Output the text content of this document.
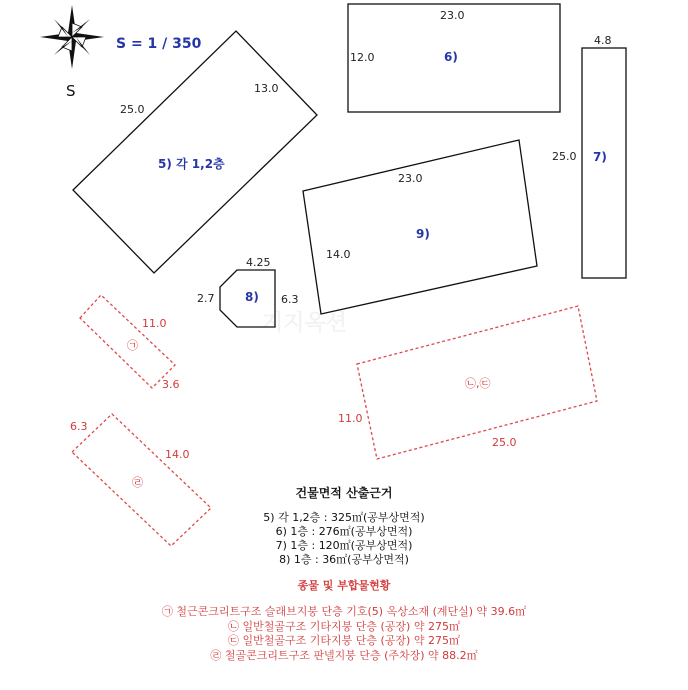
S
S = 1 / 350
5) 각 1,2층
25.0
13.0
6)
23.0
12.0
7)
4.8
25.0
9)
23.0
14.0
8)
4.25
2.7	6.3
지지옥션
㉠
11.0
3.6	㉡,㉢
11.0
25.0
㉣
6.3
14.0
건물면적 산출근거
5) 각 1,2층 : 325㎡(공부상면적)
6) 1층 : 276㎡(공부상면적)
7) 1층 : 120㎡(공부상면적)
8) 1층 : 36㎡(공부상면적)
종물 및 부합물현황
㉠ 철근콘크리트구조 슬래브지붕 단층 기호(5) 옥상소재 (계단실) 약 39.6㎡
㉡ 일반철골구조 기타지붕 단층 (공장) 약 275㎡
㉢ 일반철골구조 기타지붕 단층 (공장) 약 275㎡
㉣ 철골콘크리트구조 판넬지붕 단층 (주차장) 약 88.2㎡
